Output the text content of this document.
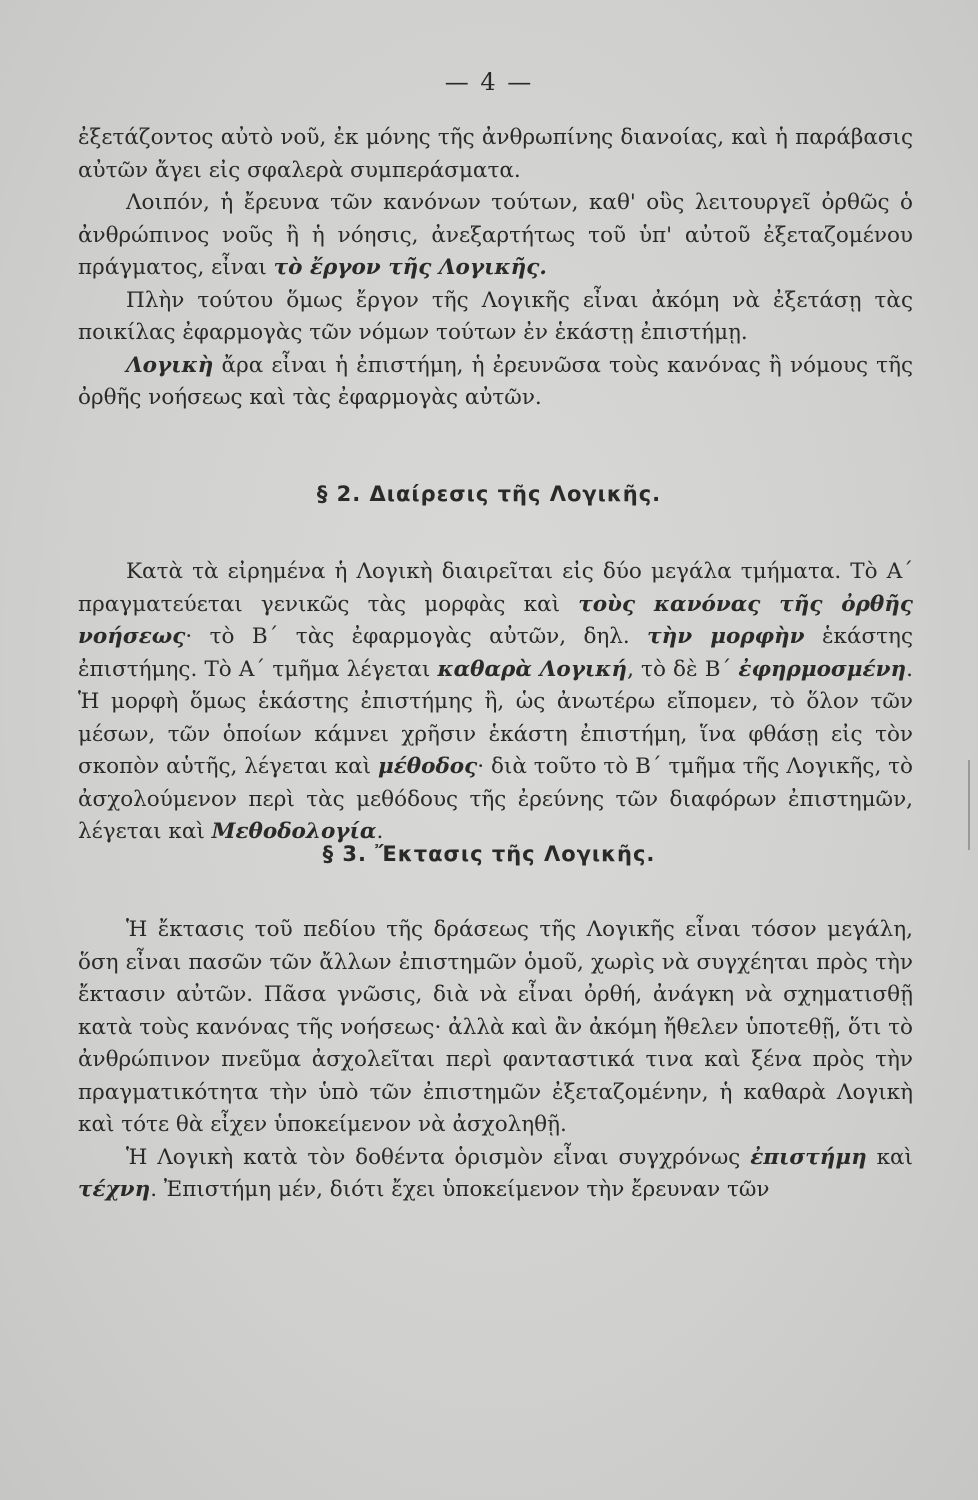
— 4 —

ἐξετάζοντος αὐτὸ νοῦ, ἐκ μόνης τῆς ἀνθρωπίνης διανοίας, καὶ ἡ παράβασις αὐτῶν ἄγει εἰς σφαλερὰ συμπεράσματα.

Λοιπόν, ἡ ἔρευνα τῶν κανόνων τούτων, καθ' οὓς λειτουργεῖ ὀρθῶς ὁ ἀνθρώπινος νοῦς ἢ ἡ νόησις, ἀνεξαρτήτως τοῦ ὑπ' αὐτοῦ ἐξεταζομένου πράγματος, εἶναι τὸ ἔργον τῆς Λογικῆς.

Πλὴν τούτου ὅμως ἔργον τῆς Λογικῆς εἶναι ἀκόμη νὰ ἐξετάσῃ τὰς ποικίλας ἐφαρμογὰς τῶν νόμων τούτων ἐν ἑκάστῃ ἐπιστήμῃ.

Λογικὴ ἄρα εἶναι ἡ ἐπιστήμη, ἡ ἐρευνῶσα τοὺς κανόνας ἢ νόμους τῆς ὀρθῆς νοήσεως καὶ τὰς ἐφαρμογὰς αὐτῶν.

§ 2. Διαίρεσις τῆς Λογικῆς.

Κατὰ τὰ εἰρημένα ἡ Λογικὴ διαιρεῖται εἰς δύο μεγάλα τμήματα. Τὸ Α΄ πραγματεύεται γενικῶς τὰς μορφὰς καὶ τοὺς κανόνας τῆς ὀρθῆς νοήσεως· τὸ Β΄ τὰς ἐφαρμογὰς αὐτῶν, δηλ. τὴν μορφὴν ἑκάστης ἐπιστήμης. Τὸ Α΄ τμῆμα λέγεται καθαρὰ Λογική, τὸ δὲ Β΄ ἐφηρμοσμένη. Ἡ μορφὴ ὅμως ἑκάστης ἐπιστήμης ἢ, ὡς ἀνωτέρω εἴπομεν, τὸ ὅλον τῶν μέσων, τῶν ὁποίων κάμνει χρῆσιν ἑκάστη ἐπιστήμη, ἵνα φθάσῃ εἰς τὸν σκοπὸν αὑτῆς, λέγεται καὶ μέθοδος· διὰ τοῦτο τὸ Β΄ τμῆμα τῆς Λογικῆς, τὸ ἀσχολούμενον περὶ τὰς μεθόδους τῆς ἐρεύνης τῶν διαφόρων ἐπιστημῶν, λέγεται καὶ Μεθοδολογία.

§ 3. Ἔκτασις τῆς Λογικῆς.

Ἡ ἔκτασις τοῦ πεδίου τῆς δράσεως τῆς Λογικῆς εἶναι τόσον μεγάλη, ὅση εἶναι πασῶν τῶν ἄλλων ἐπιστημῶν ὁμοῦ, χωρὶς νὰ συγχέηται πρὸς τὴν ἔκτασιν αὐτῶν. Πᾶσα γνῶσις, διὰ νὰ εἶναι ὀρθή, ἀνάγκη νὰ σχηματισθῇ κατὰ τοὺς κανόνας τῆς νοήσεως· ἀλλὰ καὶ ἂν ἀκόμη ἤθελεν ὑποτεθῇ, ὅτι τὸ ἀνθρώπινον πνεῦμα ἀσχολεῖται περὶ φανταστικά τινα καὶ ξένα πρὸς τὴν πραγματικότητα τὴν ὑπὸ τῶν ἐπιστημῶν ἐξεταζομένην, ἡ καθαρὰ Λογικὴ καὶ τότε θὰ εἶχεν ὑποκείμενον νὰ ἀσχοληθῇ.

Ἡ Λογικὴ κατὰ τὸν δοθέντα ὁρισμὸν εἶναι συγχρόνως ἐπιστήμη καὶ τέχνη. Ἐπιστήμη μέν, διότι ἔχει ὑποκείμενον τὴν ἔρευναν τῶν
